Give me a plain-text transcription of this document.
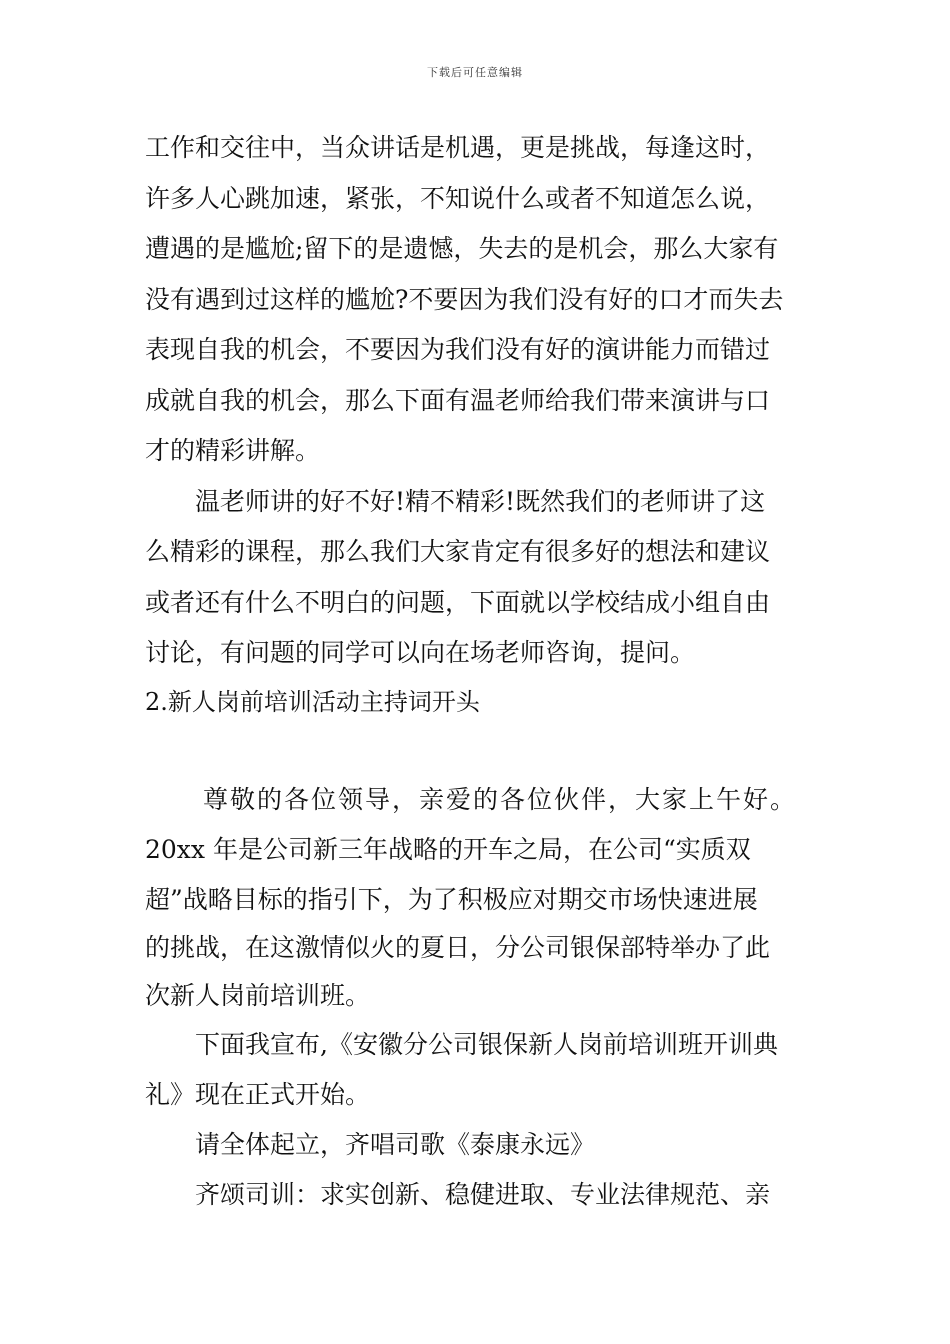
下载后可任意编辑
工作和交往中，当众讲话是机遇，更是挑战，每逢这时，
许多人心跳加速，紧张，不知说什么或者不知道怎么说，
遭遇的是尴尬;留下的是遗憾，失去的是机会，那么大家有
没有遇到过这样的尴尬?不要因为我们没有好的口才而失去
表现自我的机会，不要因为我们没有好的演讲能力而错过
成就自我的机会，那么下面有温老师给我们带来演讲与口
才的精彩讲解。
温老师讲的好不好!精不精彩!既然我们的老师讲了这
么精彩的课程，那么我们大家肯定有很多好的想法和建议
或者还有什么不明白的问题，下面就以学校结成小组自由
讨论，有问题的同学可以向在场老师咨询，提问。
2.新人岗前培训活动主持词开头
尊敬的各位领导，亲爱的各位伙伴，大家上午好。
20xx 年是公司新三年战略的开车之局，在公司“实质双
超”战略目标的指引下，为了积极应对期交市场快速进展
的挑战，在这激情似火的夏日，分公司银保部特举办了此
次新人岗前培训班。
下面我宣布,《安徽分公司银保新人岗前培训班开训典
礼》现在正式开始。
请全体起立，齐唱司歌《泰康永远》
齐颂司训：求实创新、稳健进取、专业法律规范、亲
